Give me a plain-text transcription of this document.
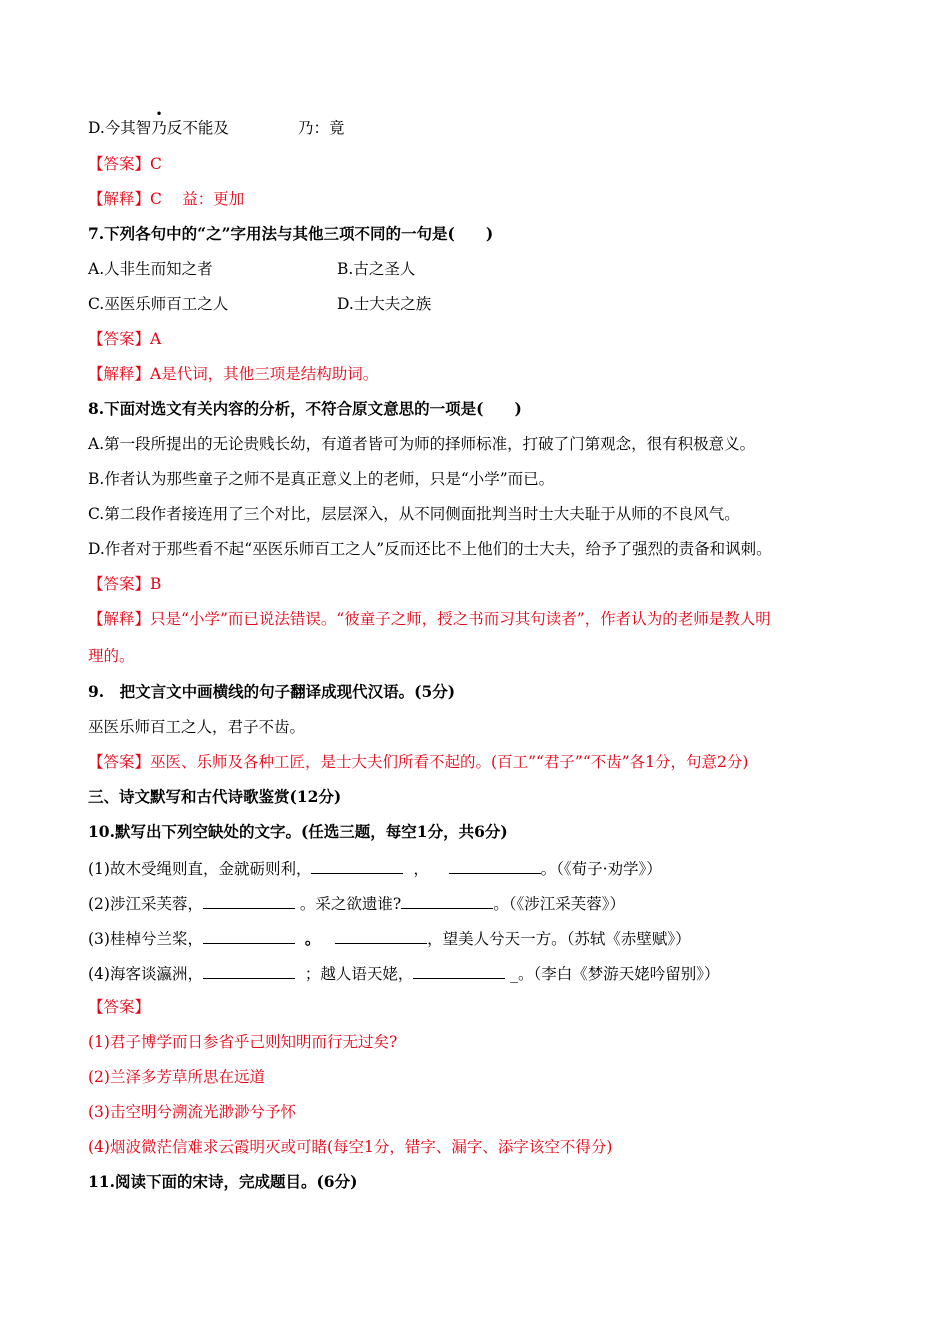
D.今其智
•
乃反不能及	乃：竟
【答案】C
【解释】C　 益：更加
7.下列各句中的“之”字用法与其他三项不同的一句是(　　)
A.人非生而知之者	B.古之圣人
C.巫医乐师百工之人	D.士大夫之族
【答案】A
【解释】A是代词，其他三项是结构助词。
8.下面对选文有关内容的分析，不符合原文意思的一项是(　　)
A.第一段所提出的无论贵贱长幼，有道者皆可为师的择师标准，打破了门第观念，很有积极意义。
B.作者认为那些童子之师不是真正意义上的老师，只是“小学”而已。
C.第二段作者接连用了三个对比，层层深入，从不同侧面批判当时士大夫耻于从师的不良风气。
D.作者对于那些看不起“巫医乐师百工之人”反而还比不上他们的士大夫，给予了强烈的责备和讽刺。
【答案】B
【解释】只是“小学”而已说法错误。“彼童子之师，授之书而习其句读者”，作者认为的老师是教人明
理的。
9.　把文言文中画横线的句子翻译成现代汉语。(5分)
巫医乐师百工之人，君子不齿。
【答案】巫医、乐师及各种工匠，是士大夫们所看不起的。(百工”“君子”“不齿”各1分，句意2分)
三、诗文默写和古代诗歌鉴赏(12分)
10.默写出下列空缺处的文字。(任选三题，每空1分，共6分)
(1)故木受绳则直，金就砺则利，	，	。（《荀子·劝学》）
(2)涉江采芙蓉，	。采之欲遗谁?	。（《涉江采芙蓉》）
(3)桂棹兮兰桨，	。	，望美人兮天一方。（苏轼《赤壁赋》）
(4)海客谈瀛洲，	；越人语天姥，	_。（李白《梦游天姥吟留别》）
【答案】
(1)君子博学而日参省乎己则知明而行无过矣?
(2)兰泽多芳草所思在远道
(3)击空明兮溯流光渺渺兮予怀
(4)烟波微茫信难求云霞明灭或可睹(每空1分，错字、漏字、添字该空不得分)
11.阅读下面的宋诗，完成题目。(6分)
